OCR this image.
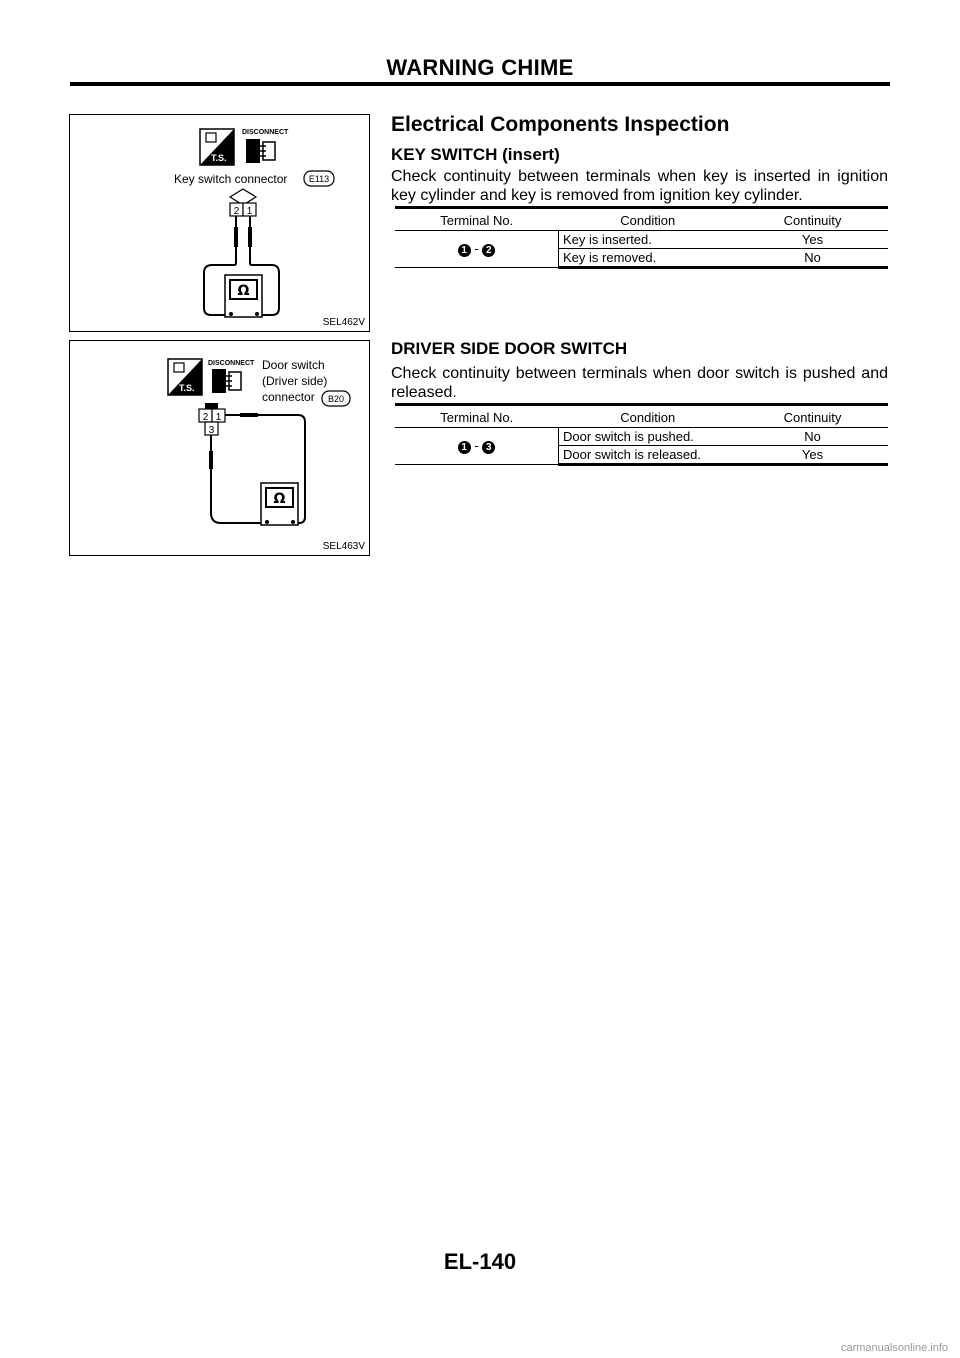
WARNING CHIME
T.S.
DISCONNECT
Key switch connector E113
2 1
Ω
SEL462V
T.S.
DISCONNECT Door switch
(Driver side)
connector B20
2 1
3
Ω
SEL463V
Electrical Components Inspection
KEY SWITCH (insert)

Check continuity between terminals when key is inserted in ignition key cylinder and key is removed from ignition key cylinder.

Terminal No.	Condition	Continuity
1 - 2	Key is inserted.	Yes
	Key is removed.	No
DRIVER SIDE DOOR SWITCH

Check continuity between terminals when door switch is pushed and released.

Terminal No.	Condition	Continuity
1 - 3	Door switch is pushed.	No
	Door switch is released.	Yes
EL-140
carmanualsonline.info
